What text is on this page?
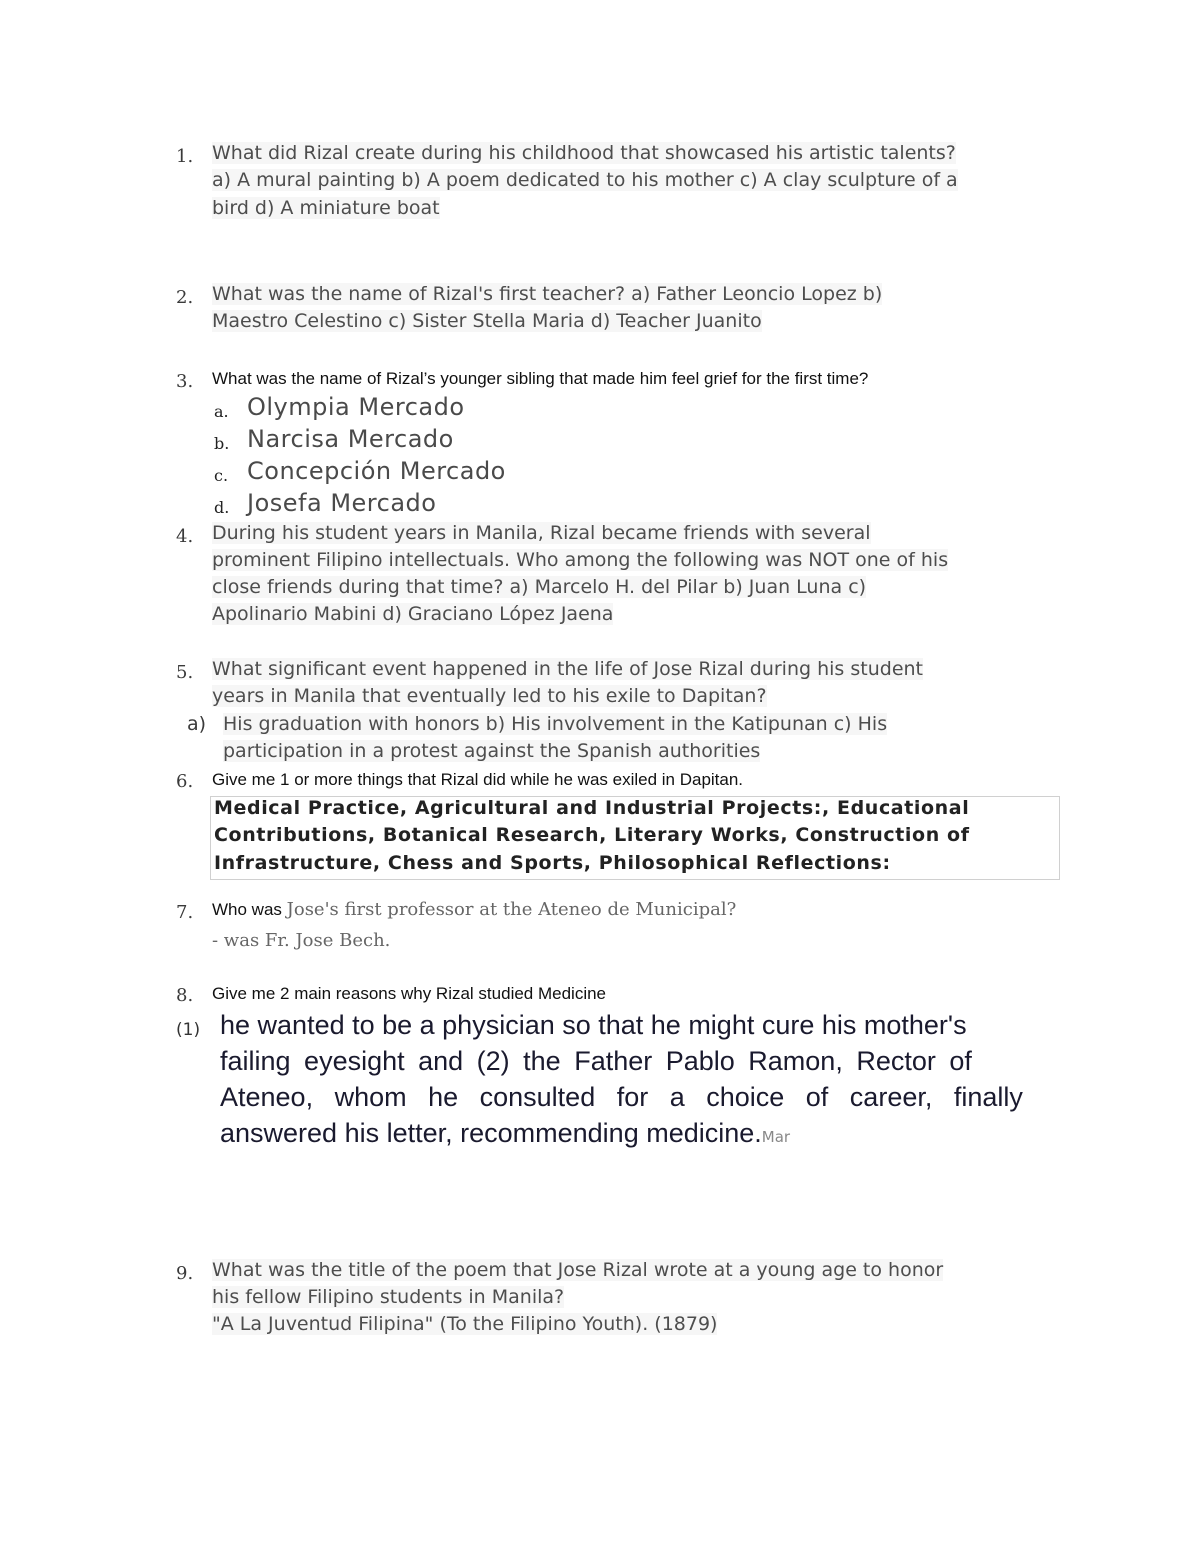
1. What did Rizal create during his childhood that showcased his artistic talents?
a) A mural painting b) A poem dedicated to his mother c) A clay sculpture of a
bird d) A miniature boat
2. What was the name of Rizal's first teacher? a) Father Leoncio Lopez b)
Maestro Celestino c) Sister Stella Maria d) Teacher Juanito
3. What was the name of Rizal’s younger sibling that made him feel grief for the first time?
a. Olympia Mercado
b. Narcisa Mercado
c. Concepción Mercado
d. Josefa Mercado
4. During his student years in Manila, Rizal became friends with several
prominent Filipino intellectuals. Who among the following was NOT one of his
close friends during that time? a) Marcelo H. del Pilar b) Juan Luna c)
Apolinario Mabini d) Graciano López Jaena
5. What significant event happened in the life of Jose Rizal during his student
years in Manila that eventually led to his exile to Dapitan?
a) His graduation with honors b) His involvement in the Katipunan c) His
participation in a protest against the Spanish authorities
6. Give me 1 or more things that Rizal did while he was exiled in Dapitan.
Medical Practice, Agricultural and Industrial Projects:, Educational
Contributions, Botanical Research, Literary Works, Construction of
Infrastructure, Chess and Sports, Philosophical Reflections:
7. Who was Jose's first professor at the Ateneo de Municipal?
- was Fr. Jose Bech.
8. Give me 2 main reasons why Rizal studied Medicine
(1) he wanted to be a physician so that he might cure his mother's
failing eyesight and (2) the Father Pablo Ramon, Rector of
Ateneo, whom he consulted for a choice of career, finally
answered his letter, recommending medicine.Mar
9. What was the title of the poem that Jose Rizal wrote at a young age to honor
his fellow Filipino students in Manila?
"A La Juventud Filipina" (To the Filipino Youth). (1879)
